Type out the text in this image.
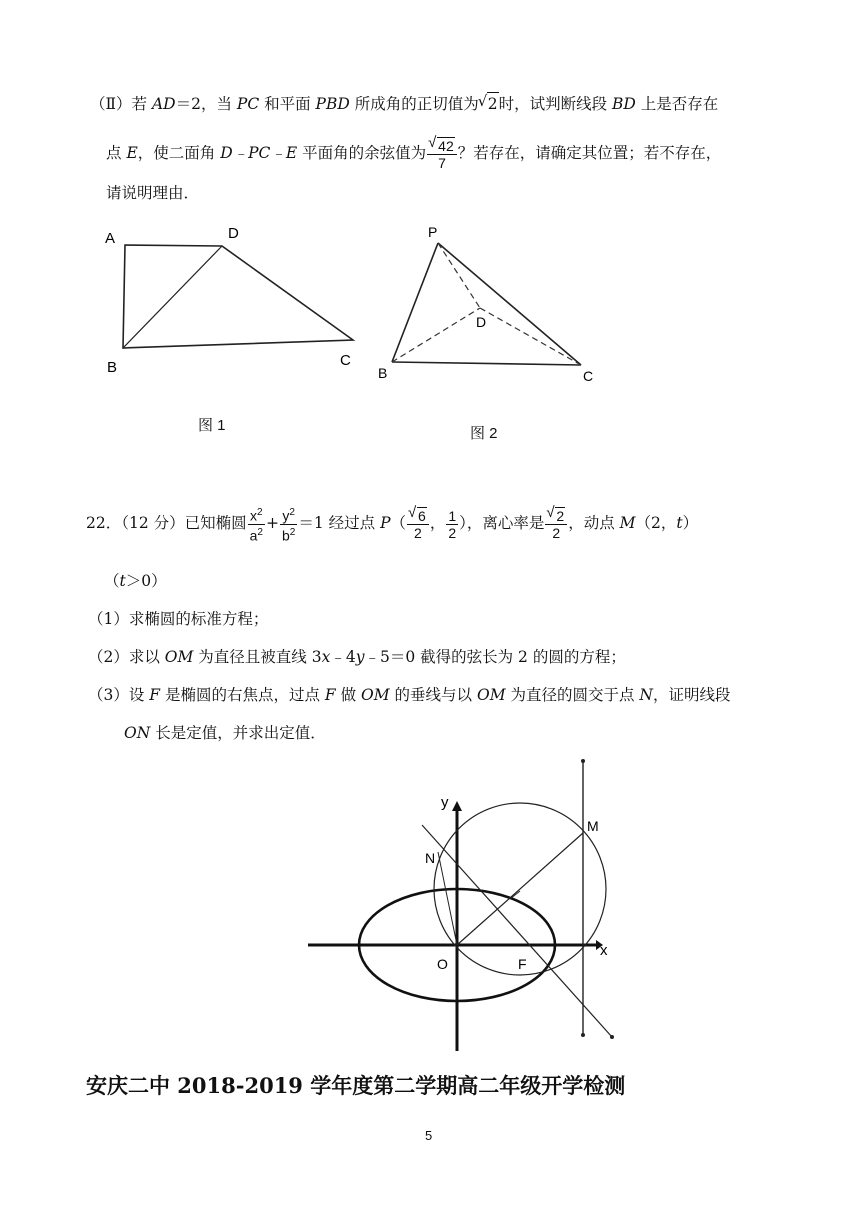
（Ⅱ）若 AD＝2，当 PC 和平面 PBD 所成角的正切值为 √ 2时，试判断线段 BD 上是否存在
点 E，使二面角 D﹣PC﹣E 平面角的余弦值为 √ $\frac{42}{7}$ ？若存在，请确定其位置；若不存在，
请说明理由．
A	D
B	C
图 1
P
D
B	C
图 2
22．（12 分）已知椭圆 $\frac{x^2}{a^2} + \frac{y^2}{b^2} =1$ 经过点 P（ √ $\frac{6}{2}$ ， $\frac{1}{2}$ ），离心率是 √ $\frac{2}{2}$ ，动点 M（2，t）
（t＞0）
（1）求椭圆的标准方程；
（2）求以 OM 为直径且被直线 3x﹣4y﹣5＝0 截得的弦长为 2 的圆的方程；
（3）设 F 是椭圆的右焦点，过点 F 做 OM 的垂线与以 OM 为直径的圆交于点 N，证明线段
ON 长是定值，并求出定值．
y
x
O	F
N
M
安庆二中 2018-2019 学年度第二学期高二年级开学检测
5
